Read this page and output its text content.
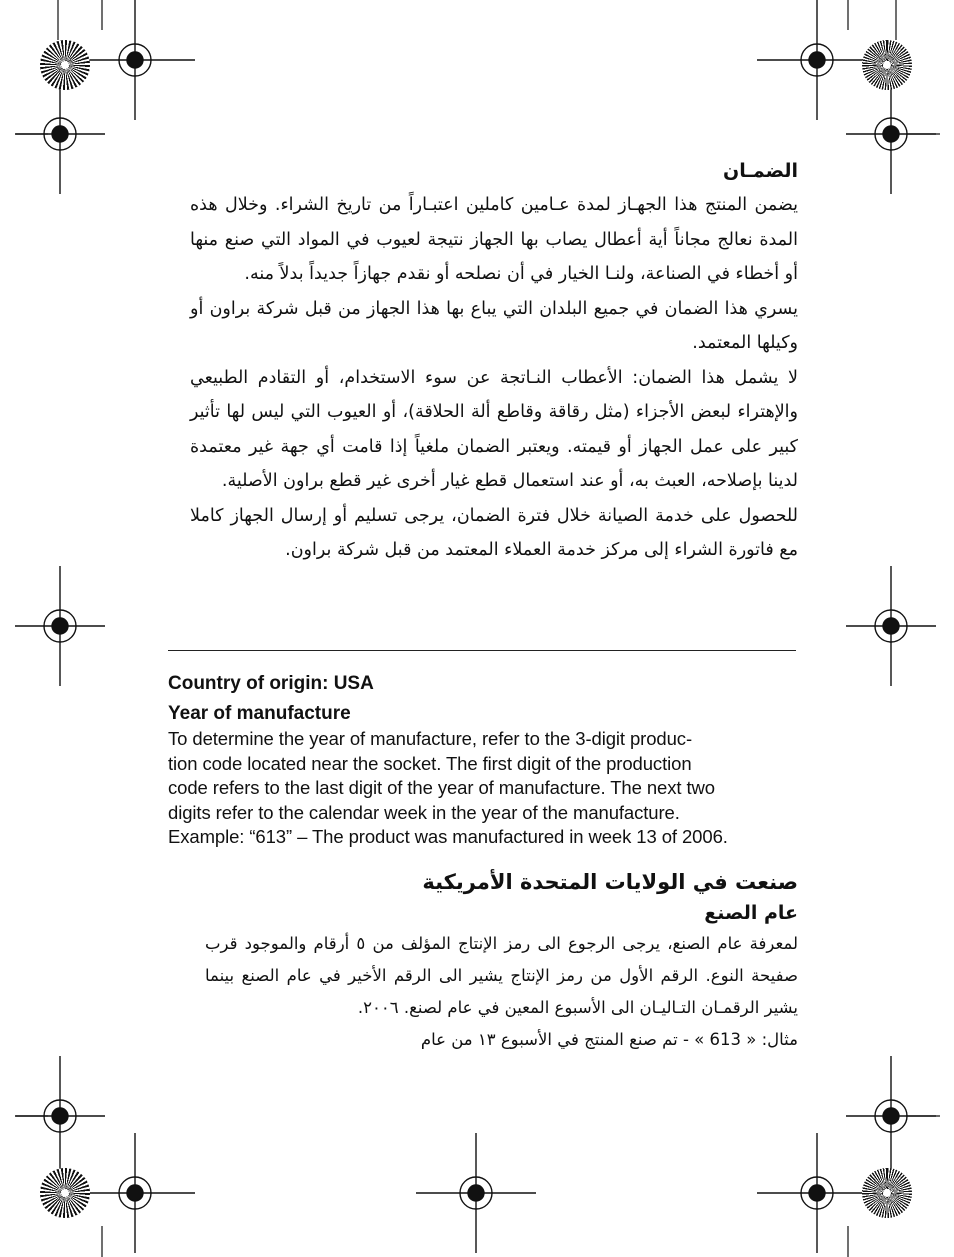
الضمـان

يضمن المنتج هذا الجهـاز لمدة عـامين كاملين اعتبـاراً من تاريخ الشراء. وخلال هذه المدة نعالج مجاناً أية أعطال يصاب بها الجهاز نتيجة لعيوب في المواد التي صنع منها أو أخطاء في الصناعة، ولنـا الخيار في أن نصلحه أو نقدم جهازاً جديداً بدلاً منه.

يسري هذا الضمان في جميع البلدان التي يباع بها هذا الجهاز من قبل شركة براون أو وكيلها المعتمد.

لا يشمل هذا الضمان: الأعطاب النـاتجة عن سوء الاستخدام، أو التقادم الطبيعي والإهتراء لبعض الأجزاء (مثل رقاقة وقاطع ألة الحلاقة)، أو العيوب التي ليس لها تأثير كبير على عمل الجهاز أو قيمته. ويعتبر الضمان ملغياً إذا قامت أي جهة غير معتمدة لدينا بإصلاحه، العبث به، أو عند استعمال قطع غيار أخرى غير قطع براون الأصلية.

للحصول على خدمة الصيانة خلال فترة الضمان، يرجى تسليم أو إرسال الجهاز كاملا مع فاتورة الشراء إلى مركز خدمة العملاء المعتمد من قبل شركة براون.

Country of origin: USA

Year of manufacture

To determine the year of manufacture, refer to the 3-digit produc-

tion code located near the socket. The first digit of the production

code refers to the last digit of the year of manufacture. The next two

digits refer to the calendar week in the year of the manufacture.

Example: “613” – The product was manufactured in week 13 of 2006.

صنعت في الولايات المتحدة الأمريكية

عام الصنع

لمعرفة عام الصنع، يرجى الرجوع الى رمز الإنتاج المؤلف من ٥ أرقام والموجود قرب صفيحة النوع. الرقم الأول من رمز الإنتاج يشير الى الرقم الأخير في عام الصنع بينما يشير الرقمـان التـاليـان الى الأسبوع المعين في عام لصنع. ٢٠٠٦.

مثال: « 613 » - تم صنع المنتج في الأسبوع ١٣ من عام
